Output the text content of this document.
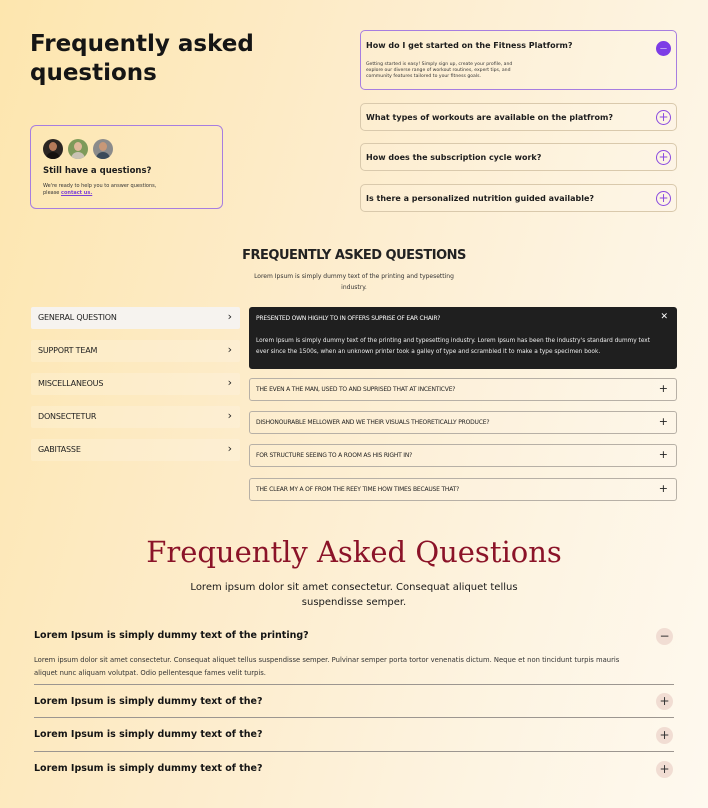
Frequently asked questions
Still have a questions?
We're ready to help you to answer questions, please contact us.
How do I get started on the Fitness Platform?
Getting started is easy! Simply sign up, create your profile, and explore our diverse range of workout routines, expert tips, and community features tailored to your fitness goals.
—
What types of workouts are available on the platfrom?	+
How does the subscription cycle work?	+
Is there a personalized nutrition guided available?	+
FREQUENTLY ASKED QUESTIONS
Lorem Ipsum is simply dummy text of the printing and typesetting industry.
GENERAL QUESTION	›
SUPPORT TEAM	›
MISCELLANEOUS	›
DONSECTETUR	›
GABITASSE	›
PRESENTED OWN HIGHLY TO IN OFFERS SUPRISE OF EAR CHAIR?	✕
Lorem Ipsum is simply dummy text of the printing and typesetting industry. Lorem Ipsum has been the industry's standard dummy text ever since the 1500s, when an unknown printer took a galley of type and scrambled it to make a type specimen book.
THE EVEN A THE MAN, USED TO AND SUPRISED THAT AT INCENTICVE?	+
DISHONOURABLE MELLOWER AND WE THEIR VISUALS THEORETICALLY PRODUCE?	+
FOR STRUCTURE SEEING TO A ROOM AS HIS RIGHT IN?	+
THE CLEAR MY A OF FROM THE REEY TIME HOW TIMES BECAUSE THAT?	+
Frequently Asked Questions
Lorem ipsum dolor sit amet consectetur. Consequat aliquet tellus suspendisse semper.
Lorem Ipsum is simply dummy text of the printing?	−
Lorem ipsum dolor sit amet consectetur. Consequat aliquet tellus suspendisse semper. Pulvinar semper porta tortor venenatis dictum. Neque et non tincidunt turpis mauris aliquet nunc aliquam volutpat. Odio pellentesque fames velit turpis.
Lorem Ipsum is simply dummy text of the?	+
Lorem Ipsum is simply dummy text of the?	+
Lorem Ipsum is simply dummy text of the?	+
